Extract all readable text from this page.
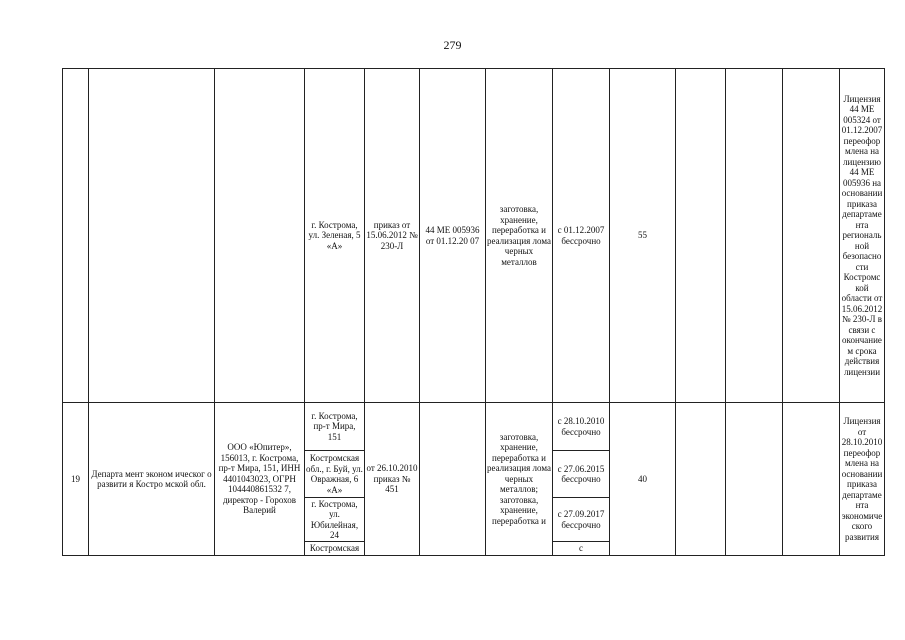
279
			г. Кострома, ул. Зеленая, 5 «А»	приказ от 15.06.2012 № 230-Л	44 МЕ 005936 от 01.12.20 07	заготовка, хранение, переработка и реализация лома черных металлов	с 01.12.2007 бессрочно	55				Лицензия 44 МЕ 005324 от 01.12.2007 переофор млена на лицензию 44 МЕ 005936 на основании приказа департаме нта региональ ной безопасно сти Костромс кой области от 15.06.2012 № 230-Л в связи с окончание м срока действия лицензии
19	Департа мент эконом ическог о развити я Костро мской обл.	ООО «Юпитер», 156013, г. Кострома, пр-т Мира, 151, ИНН 4401043023, ОГРН 104440861532 7, директор - Горохов Валерий	г. Кострома, пр-т Мира, 151	от 26.10.2010 приказ № 451		заготовка, хранение, переработка и реализация лома черных металлов; заготовка, хранение, переработка и	с 28.10.2010 бессрочно	40				Лицензия от 28.10.2010 переофор млена на основании приказа департаме нта экономиче ского развития
			Костромская обл., г. Буй, ул. Овражная, 6 «А»				с 27.06.2015 бессрочно					
			г. Кострома, ул. Юбилейная, 24				с 27.09.2017 бессрочно					
			Костромская				с					
